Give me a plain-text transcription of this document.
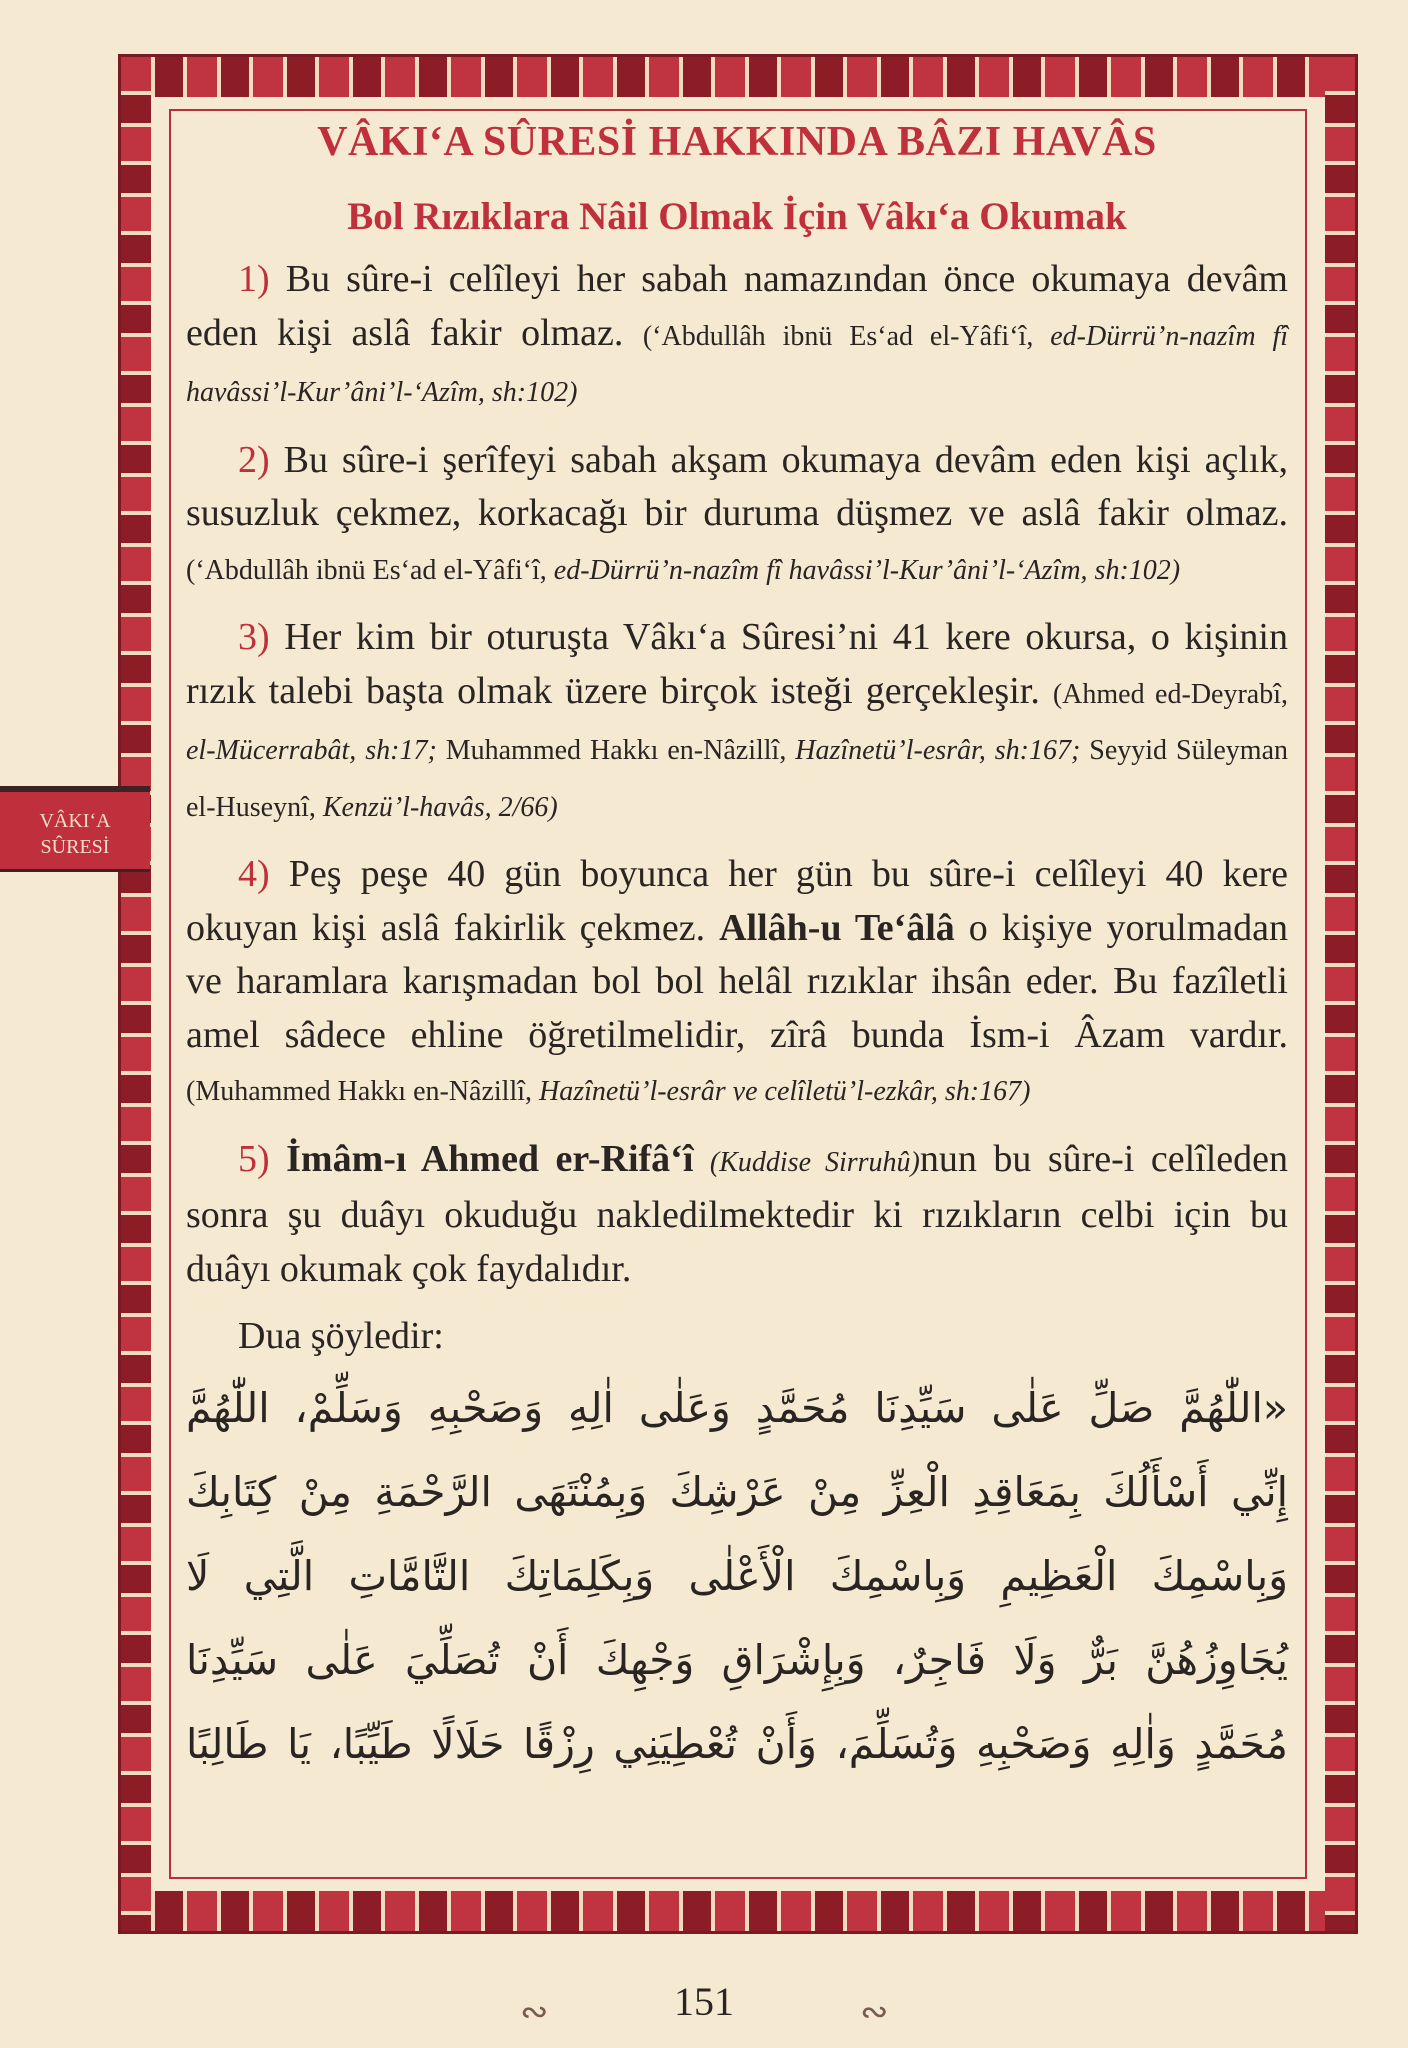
VÂKI‘A
SÛRESİ
VÂKI‘A SÛRESİ HAKKINDA BÂZI HAVÂS
Bol Rızıklara Nâil Olmak İçin Vâkı‘a Okumak

1) Bu sûre-i celîleyi her sabah namazından önce okumaya devâm eden kişi aslâ fakir olmaz. (‘Abdullâh ibnü Es‘ad el-Yâfi‘î, ed-Dürrü’n-nazîm fî havâssi’l-Kur’âni’l-‘Azîm, sh:102)

2) Bu sûre-i şerîfeyi sabah akşam okumaya devâm eden kişi açlık, susuzluk çekmez, korkacağı bir duruma düşmez ve aslâ fakir olmaz. (‘Abdullâh ibnü Es‘ad el-Yâfi‘î, ed-Dürrü’n-nazîm fî havâssi’l-Kur’âni’l-‘Azîm, sh:102)

3) Her kim bir oturuşta Vâkı‘a Sûresi’ni 41 kere okursa, o kişinin rızık talebi başta olmak üzere birçok isteği gerçekleşir. (Ahmed ed-Deyrabî, el-Mücerrabât, sh:17; Muhammed Hakkı en-Nâzillî, Hazînetü’l-esrâr, sh:167; Seyyid Süleyman el-Huseynî, Kenzü’l-havâs, 2/66)

4) Peş peşe 40 gün boyunca her gün bu sûre-i celîleyi 40 kere okuyan kişi aslâ fakirlik çekmez. Allâh-u Te‘âlâ o kişiye yorulmadan ve haramlara karışmadan bol bol helâl rızıklar ihsân eder. Bu fazîletli amel sâdece ehline öğretilmelidir, zîrâ bunda İsm-i Âzam vardır. (Muhammed Hakkı en-Nâzillî, Hazînetü’l-esrâr ve celîletü’l-ezkâr, sh:167)

5) İmâm-ı Ahmed er-Rifâ‘î (Kuddise Sirruhû)nun bu sûre-i celîleden sonra şu duâyı okuduğu nakledilmektedir ki rızıkların celbi için bu duâyı okumak çok faydalıdır.

Dua şöyledir:
«اللّٰهُمَّ صَلِّ عَلٰى سَيِّدِنَا مُحَمَّدٍ وَعَلٰى اٰلِهِ وَصَحْبِهِ وَسَلِّمْ، اللّٰهُمَّ
إِنِّي أَسْأَلُكَ بِمَعَاقِدِ الْعِزِّ مِنْ عَرْشِكَ وَبِمُنْتَهَى الرَّحْمَةِ مِنْ كِتَابِكَ
وَبِاسْمِكَ الْعَظِيمِ وَبِاسْمِكَ الْأَعْلٰى وَبِكَلِمَاتِكَ التَّامَّاتِ الَّتِي لَا
يُجَاوِزُهُنَّ بَرٌّ وَلَا فَاجِرٌ، وَبِإِشْرَاقِ وَجْهِكَ أَنْ تُصَلِّيَ عَلٰى سَيِّدِنَا
مُحَمَّدٍ وَاٰلِهِ وَصَحْبِهِ وَتُسَلِّمَ، وَأَنْ تُعْطِيَنِي رِزْقًا حَلَالًا طَيِّبًا، يَا طَالِبًا
∾	151	∾
